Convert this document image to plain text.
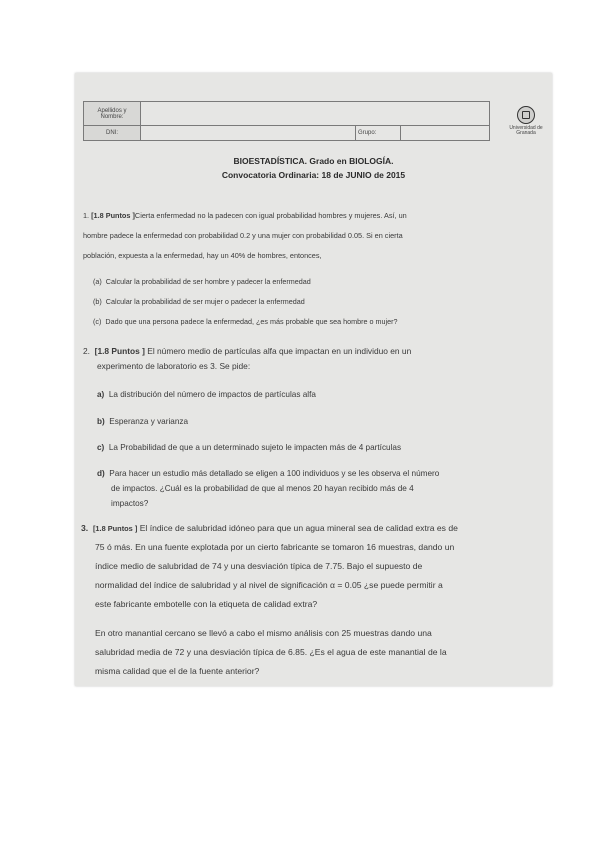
Apellidos y Nombre:				
DNI:		Grupo:		
Universidad de Granada
BIOESTADÍSTICA. Grado en BIOLOGÍA.
Convocatoria Ordinaria: 18 de JUNIO de 2015
1. [1.8 Puntos ]Cierta enfermedad no la padecen con igual probabilidad hombres y mujeres. Así, un
hombre padece la enfermedad con probabilidad 0.2 y una mujer con probabilidad 0.05. Si en cierta
población, expuesta a la enfermedad, hay un 40% de hombres, entonces,
(a) Calcular la probabilidad de ser hombre y padecer la enfermedad
(b) Calcular la probabilidad de ser mujer o padecer la enfermedad
(c) Dado que una persona padece la enfermedad, ¿es más probable que sea hombre o mujer?
2. [1.8 Puntos ] El número medio de partículas alfa que impactan en un individuo en un
experimento de laboratorio es 3. Se pide:
a) La distribución del número de impactos de partículas alfa
b) Esperanza y varianza
c) La Probabilidad de que a un determinado sujeto le impacten más de 4 partículas
d) Para hacer un estudio más detallado se eligen a 100 individuos y se les observa el número
de impactos. ¿Cuál es la probabilidad de que al menos 20 hayan recibido más de 4
impactos?
3. [1.8 Puntos ] El índice de salubridad idóneo para que un agua mineral sea de calidad extra es de
75 ó más. En una fuente explotada por un cierto fabricante se tomaron 16 muestras, dando un
índice medio de salubridad de 74 y una desviación típica de 7.75. Bajo el supuesto de
normalidad del índice de salubridad y al nivel de significación α = 0.05 ¿se puede permitir a
este fabricante embotelle con la etiqueta de calidad extra?
En otro manantial cercano se llevó a cabo el mismo análisis con 25 muestras dando una
salubridad media de 72 y una desviación típica de 6.85. ¿Es el agua de este manantial de la
misma calidad que el de la fuente anterior?
